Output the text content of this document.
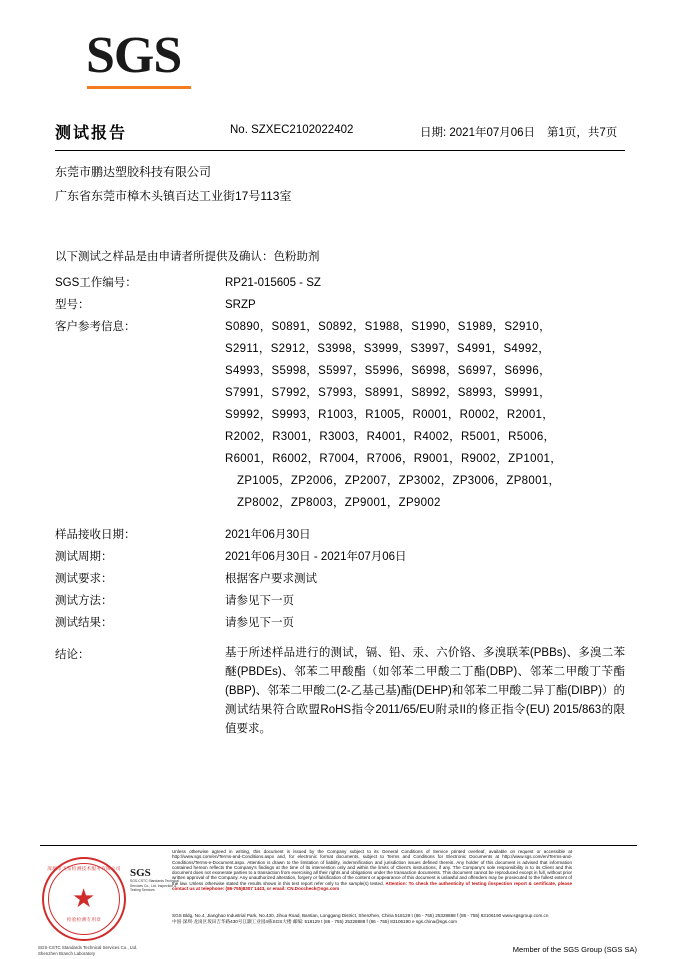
SGS
测试报告	No. SZXEC2102022402	日期: 2021年07月06日 第1页，共7页
东莞市鹏达塑胶科技有限公司
广东省东莞市樟木头镇百达工业街17号113室
以下测试之样品是由申请者所提供及确认：色粉助剂
SGS工作编号：	RP21-015605 - SZ
型号：	SRZP
客户参考信息：	S0890，S0891，S0892，S1988，S1990，S1989，S2910，
S2911，S2912，S3998，S3999，S3997，S4991，S4992，
S4993，S5998，S5997，S5996，S6998，S6997，S6996，
S7991，S7992，S7993，S8991，S8992，S8993，S9991，
S9992，S9993，R1003，R1005，R0001，R0002，R2001，
R2002，R3001，R3003，R4001，R4002，R5001，R5006，
R6001，R6002，R7004，R7006，R9001，R9002，ZP1001，
ZP1005，ZP2006，ZP2007，ZP3002，ZP3006，ZP8001，
ZP8002，ZP8003，ZP9001，ZP9002
样品接收日期：	2021年06月30日
测试周期：	2021年06月30日 - 2021年07月06日
测试要求：	根据客户要求测试
测试方法：	请参见下一页
测试结果：	请参见下一页
结论：	基于所述样品进行的测试，镉、铅、汞、六价铬、多溴联苯(PBBs)、多溴二苯醚(PBDEs)、邻苯二甲酸酯（如邻苯二甲酸二丁酯(DBP)、邻苯二甲酸丁苄酯(BBP)、邻苯二甲酸二(2-乙基己基)酯(DEHP)和邻苯二甲酸二异丁酯(DIBP)）的测试结果符合欧盟RoHS指令2011/65/EU附录II的修正指令(EU) 2015/863的限值要求。
深圳市天鉴检测技术服务有限公司
★
检验检测专用章
SGS-CSTC Standards Technical Services Co., Ltd.
Shenzhen Branch Laboratory
SGS
SGS-CSTC Standards Technical Services Co., Ltd. Inspection & Testing Services
Unless otherwise agreed in writing, this document is issued by the Company subject to its General Conditions of Service printed overleaf, available on request or accessible at http://www.sgs.com/en/Terms-and-Conditions.aspx and, for electronic format documents, subject to Terms and Conditions for Electronic Documents at http://www.sgs.com/en/Terms-and-Conditions/Terms-e-Document.aspx. Attention is drawn to the limitation of liability, indemnification and jurisdiction issues defined therein. Any holder of this document is advised that information contained hereon reflects the Company's findings at the time of its intervention only and within the limits of Client's instructions, if any. The Company's sole responsibility is to its Client and this document does not exonerate parties to a transaction from exercising all their rights and obligations under the transaction documents. This document cannot be reproduced except in full, without prior written approval of the Company. Any unauthorized alteration, forgery or falsification of the content or appearance of this document is unlawful and offenders may be prosecuted to the fullest extent of the law. Unless otherwise stated the results shown in this test report refer only to the sample(s) tested. Attention: To check the authenticity of testing /inspection report & certificate, please contact us at telephone: (86-755)8307 1443, or email: CN.Doccheck@sgs.com
SGS Bldg, No.4, Jianghao Industrial Park, No.430, Jihua Road, Bantian, Longgang District, Shenzhen, China 518129 t (86 - 755) 25328888 f (86 - 755) 83106190 www.sgsgroup.com.cn
中国·深圳·龙岗区坂田吉华路430号江灏工业园4栋SGS大楼 邮编: 518129 t (86 - 755) 25328888 f (86 - 755) 83106190 e sgs.china@sgs.com
Member of the SGS Group (SGS SA)
